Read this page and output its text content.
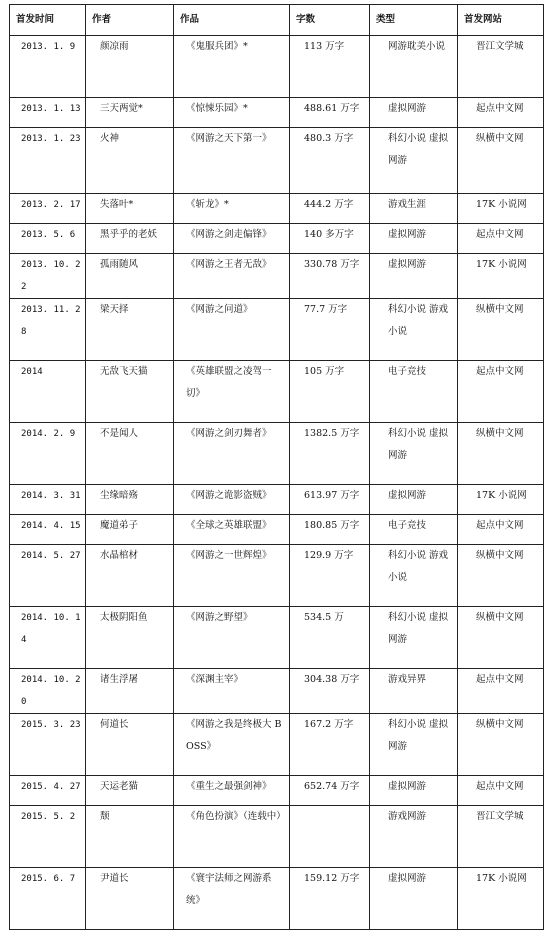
首发时间	作者	作品	字数	类型	首发网站
2013. 1. 9	颜凉雨	《鬼服兵团》*	113 万字	网游耽美小说	晋江文学城
2013. 1. 13	三天两觉*	《惊悚乐园》*	488.61 万字	虚拟网游	起点中文网
2013. 1. 23	火神	《网游之天下第一》	480.3 万字	科幻小说 虚拟网游	纵横中文网
2013. 2. 17	失落叶*	《斩龙》*	444.2 万字	游戏生涯	17K 小说网
2013. 5. 6	黑乎乎的老妖	《网游之剑走偏锋》	140 多万字	虚拟网游	起点中文网
2013. 10. 22	孤雨随风	《网游之王者无敌》	330.78 万字	虚拟网游	17K 小说网
2013. 11. 28	梁天择	《网游之问道》	77.7 万字	科幻小说 游戏小说	纵横中文网
2014	无敌飞天猫	《英雄联盟之凌驾一切》	105 万字	电子竞技	起点中文网
2014. 2. 9	不是闻人	《网游之剑刃舞者》	1382.5 万字	科幻小说 虚拟网游	纵横中文网
2014. 3. 31	尘缘暗殇	《网游之诡影盗贼》	613.97 万字	虚拟网游	17K 小说网
2014. 4. 15	魔道弟子	《全球之英雄联盟》	180.85 万字	电子竞技	起点中文网
2014. 5. 27	水晶棺材	《网游之一世辉煌》	129.9 万字	科幻小说 游戏小说	纵横中文网
2014. 10. 14	太极阴阳鱼	《网游之野望》	534.5 万	科幻小说 虚拟网游	纵横中文网
2014. 10. 20	诸生浮屠	《深渊主宰》	304.38 万字	游戏异界	起点中文网
2015. 3. 23	何道长	《网游之我是终极大 BOSS》	167.2 万字	科幻小说 虚拟网游	纵横中文网
2015. 4. 27	天运老猫	《重生之最强剑神》	652.74 万字	虚拟网游	起点中文网
2015. 5. 2	颓	《角色扮演》（连载中）		游戏网游	晋江文学城
2015. 6. 7	尹道长	《寰宇法师之网游系统》	159.12 万字	虚拟网游	17K 小说网
